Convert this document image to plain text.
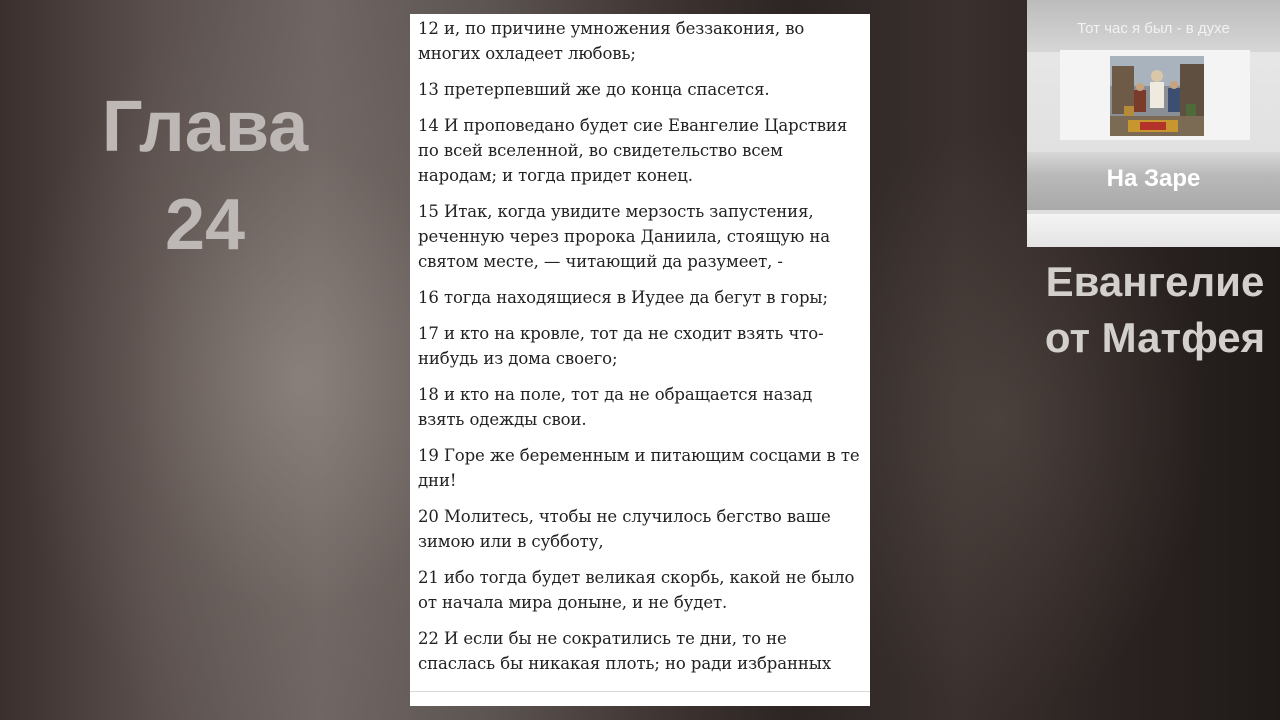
Глава
24

12 и, по причине умножения беззакония, во многих охладеет любовь;

13 претерпевший же до конца спасется.

14 И проповедано будет сие Евангелие Царствия по всей вселенной, во свидетельство всем народам; и тогда придет конец.

15 Итак, когда увидите мерзость запустения, реченную через пророка Даниила, стоящую на святом месте, — читающий да разумеет, -

16 тогда находящиеся в Иудее да бегут в горы;

17 и кто на кровле, тот да не сходит взять что-нибудь из дома своего;

18 и кто на поле, тот да не обращается назад взять одежды свои.

19 Горе же беременным и питающим сосцами в те дни!

20 Молитесь, чтобы не случилось бегство ваше зимою или в субботу,

21 ибо тогда будет великая скорбь, какой не было от начала мира доныне, и не будет.

22 И если бы не сократились те дни, то не спаслась бы никакая плоть; но ради избранных

Тот час я был - в духе
На Заре
Евангелие
от Матфея
